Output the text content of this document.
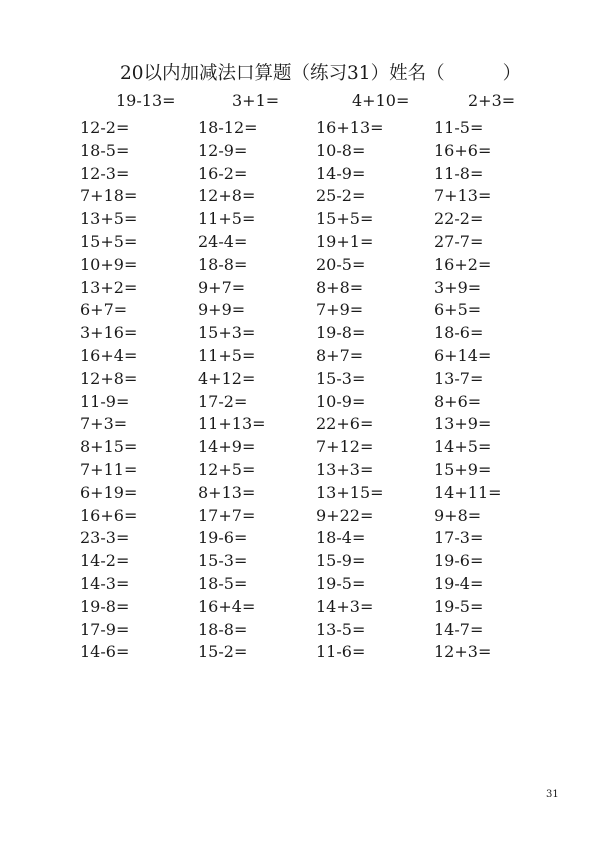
20以内加减法口算题（练习31）姓名（	）
19-13=	3+1=	4+10=	2+3=
12-2=	18-12=	16+13=	11-5=
18-5=	12-9=	10-8=	16+6=
12-3=	16-2=	14-9=	11-8=
7+18=	12+8=	25-2=	7+13=
13+5=	11+5=	15+5=	22-2=
15+5=	24-4=	19+1=	27-7=
10+9=	18-8=	20-5=	16+2=
13+2=	9+7=	8+8=	3+9=
6+7=	9+9=	7+9=	6+5=
3+16=	15+3=	19-8=	18-6=
16+4=	11+5=	8+7=	6+14=
12+8=	4+12=	15-3=	13-7=
11-9=	17-2=	10-9=	8+6=
7+3=	11+13=	22+6=	13+9=
8+15=	14+9=	7+12=	14+5=
7+11=	12+5=	13+3=	15+9=
6+19=	8+13=	13+15=	14+11=
16+6=	17+7=	9+22=	9+8=
23-3=	19-6=	18-4=	17-3=
14-2=	15-3=	15-9=	19-6=
14-3=	18-5=	19-5=	19-4=
19-8=	16+4=	14+3=	19-5=
17-9=	18-8=	13-5=	14-7=
14-6=	15-2=	11-6=	12+3=
31
